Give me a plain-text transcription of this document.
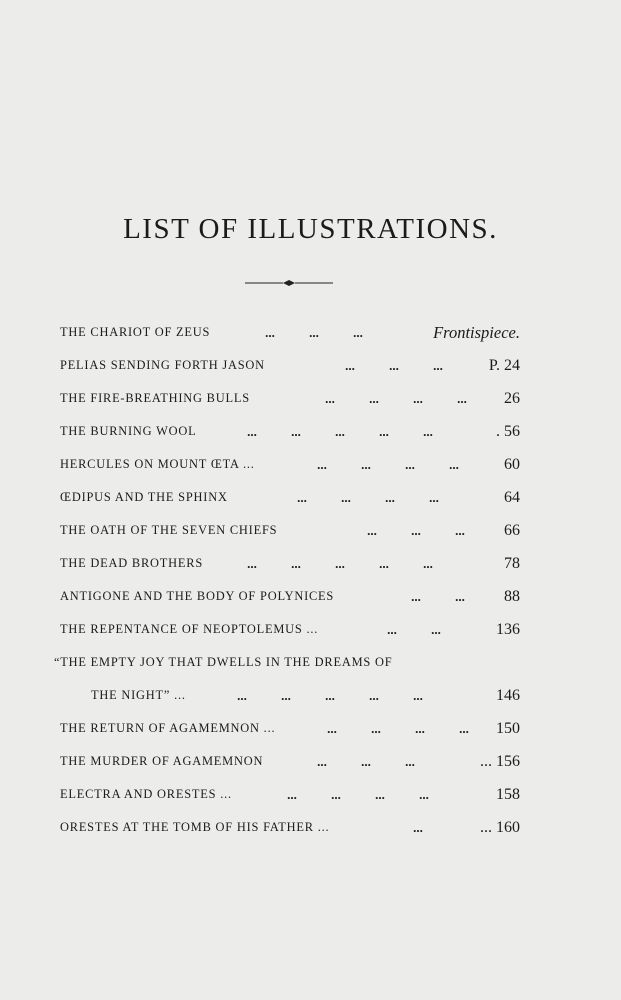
LIST OF ILLUSTRATIONS.
THE CHARIOT OF ZEUS	...	...	...	Frontispiece.
PELIAS SENDING FORTH JASON	...	...	...	P. 24
THE FIRE-BREATHING BULLS	...	...	...	...	26
THE BURNING WOOL	...	...	...	...	...	. 56
HERCULES ON MOUNT ŒTA ...	...	...	...	...	60
ŒDIPUS AND THE SPHINX	...	...	...	...	64
THE OATH OF THE SEVEN CHIEFS	...	...	...	66
THE DEAD BROTHERS	...	...	...	...	...	78
ANTIGONE AND THE BODY OF POLYNICES	...	...	88
THE REPENTANCE OF NEOPTOLEMUS ...	...	...	136
“THE EMPTY JOY THAT DWELLS IN THE DREAMS OF
THE NIGHT” ...	...	...	...	...	...	146
THE RETURN OF AGAMEMNON ...	...	...	...	...	150
THE MURDER OF AGAMEMNON	...	...	...	... 156
ELECTRA AND ORESTES ...	...	...	...	...	158
ORESTES AT THE TOMB OF HIS FATHER ...	...	... 160
